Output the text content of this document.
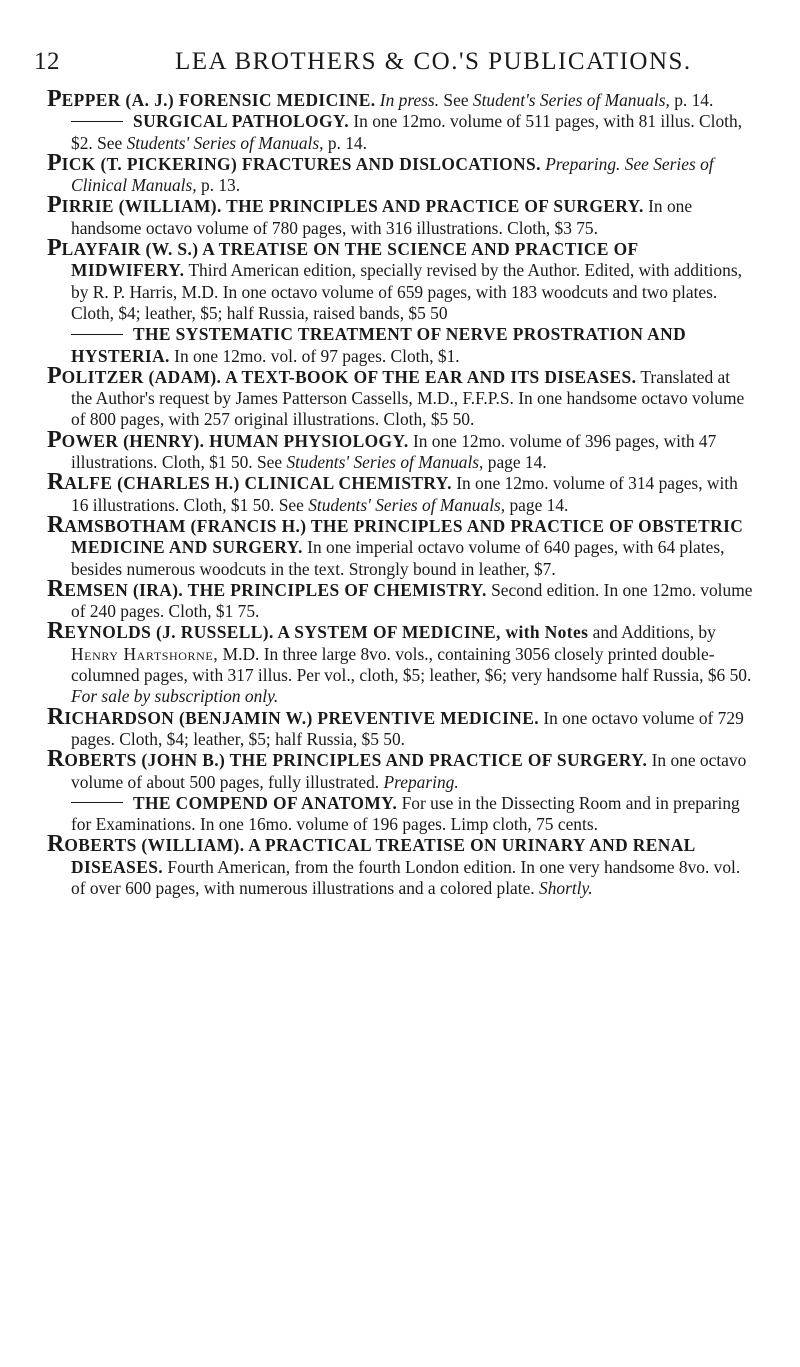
12	LEA BROTHERS & CO.'S PUBLICATIONS.

PEPPER (A. J.) FORENSIC MEDICINE. In press. See Student's Series of Manuals, p. 14.

SURGICAL PATHOLOGY. In one 12mo. volume of 511 pages, with 81 illus. Cloth, $2. See Students' Series of Manuals, p. 14.

PICK (T. PICKERING) FRACTURES AND DISLOCATIONS. Preparing. See Series of Clinical Manuals, p. 13.

PIRRIE (WILLIAM). THE PRINCIPLES AND PRACTICE OF SURGERY. In one handsome octavo volume of 780 pages, with 316 illustrations. Cloth, $3 75.

PLAYFAIR (W. S.) A TREATISE ON THE SCIENCE AND PRACTICE OF MIDWIFERY. Third American edition, specially revised by the Author. Edited, with additions, by R. P. Harris, M.D. In one octavo volume of 659 pages, with 183 woodcuts and two plates. Cloth, $4; leather, $5; half Russia, raised bands, $5 50

THE SYSTEMATIC TREATMENT OF NERVE PROSTRATION AND HYSTERIA. In one 12mo. vol. of 97 pages. Cloth, $1.

POLITZER (ADAM). A TEXT-BOOK OF THE EAR AND ITS DISEASES. Translated at the Author's request by James Patterson Cassells, M.D., F.F.P.S. In one handsome octavo volume of 800 pages, with 257 original illustrations. Cloth, $5 50.

POWER (HENRY). HUMAN PHYSIOLOGY. In one 12mo. volume of 396 pages, with 47 illustrations. Cloth, $1 50. See Students' Series of Manuals, page 14.

RALFE (CHARLES H.) CLINICAL CHEMISTRY. In one 12mo. volume of 314 pages, with 16 illustrations. Cloth, $1 50. See Students' Series of Manuals, page 14.

RAMSBOTHAM (FRANCIS H.) THE PRINCIPLES AND PRACTICE OF OBSTETRIC MEDICINE AND SURGERY. In one imperial octavo volume of 640 pages, with 64 plates, besides numerous woodcuts in the text. Strongly bound in leather, $7.

REMSEN (IRA). THE PRINCIPLES OF CHEMISTRY. Second edition. In one 12mo. volume of 240 pages. Cloth, $1 75.

REYNOLDS (J. RUSSELL). A SYSTEM OF MEDICINE, with Notes and Additions, by Henry Hartshorne, M.D. In three large 8vo. vols., containing 3056 closely printed double-columned pages, with 317 illus. Per vol., cloth, $5; leather, $6; very handsome half Russia, $6 50. For sale by subscription only.

RICHARDSON (BENJAMIN W.) PREVENTIVE MEDICINE. In one octavo volume of 729 pages. Cloth, $4; leather, $5; half Russia, $5 50.

ROBERTS (JOHN B.) THE PRINCIPLES AND PRACTICE OF SURGERY. In one octavo volume of about 500 pages, fully illustrated. Preparing.

THE COMPEND OF ANATOMY. For use in the Dissecting Room and in preparing for Examinations. In one 16mo. volume of 196 pages. Limp cloth, 75 cents.

ROBERTS (WILLIAM). A PRACTICAL TREATISE ON URINARY AND RENAL DISEASES. Fourth American, from the fourth London edition. In one very handsome 8vo. vol. of over 600 pages, with numerous illustrations and a colored plate. Shortly.
